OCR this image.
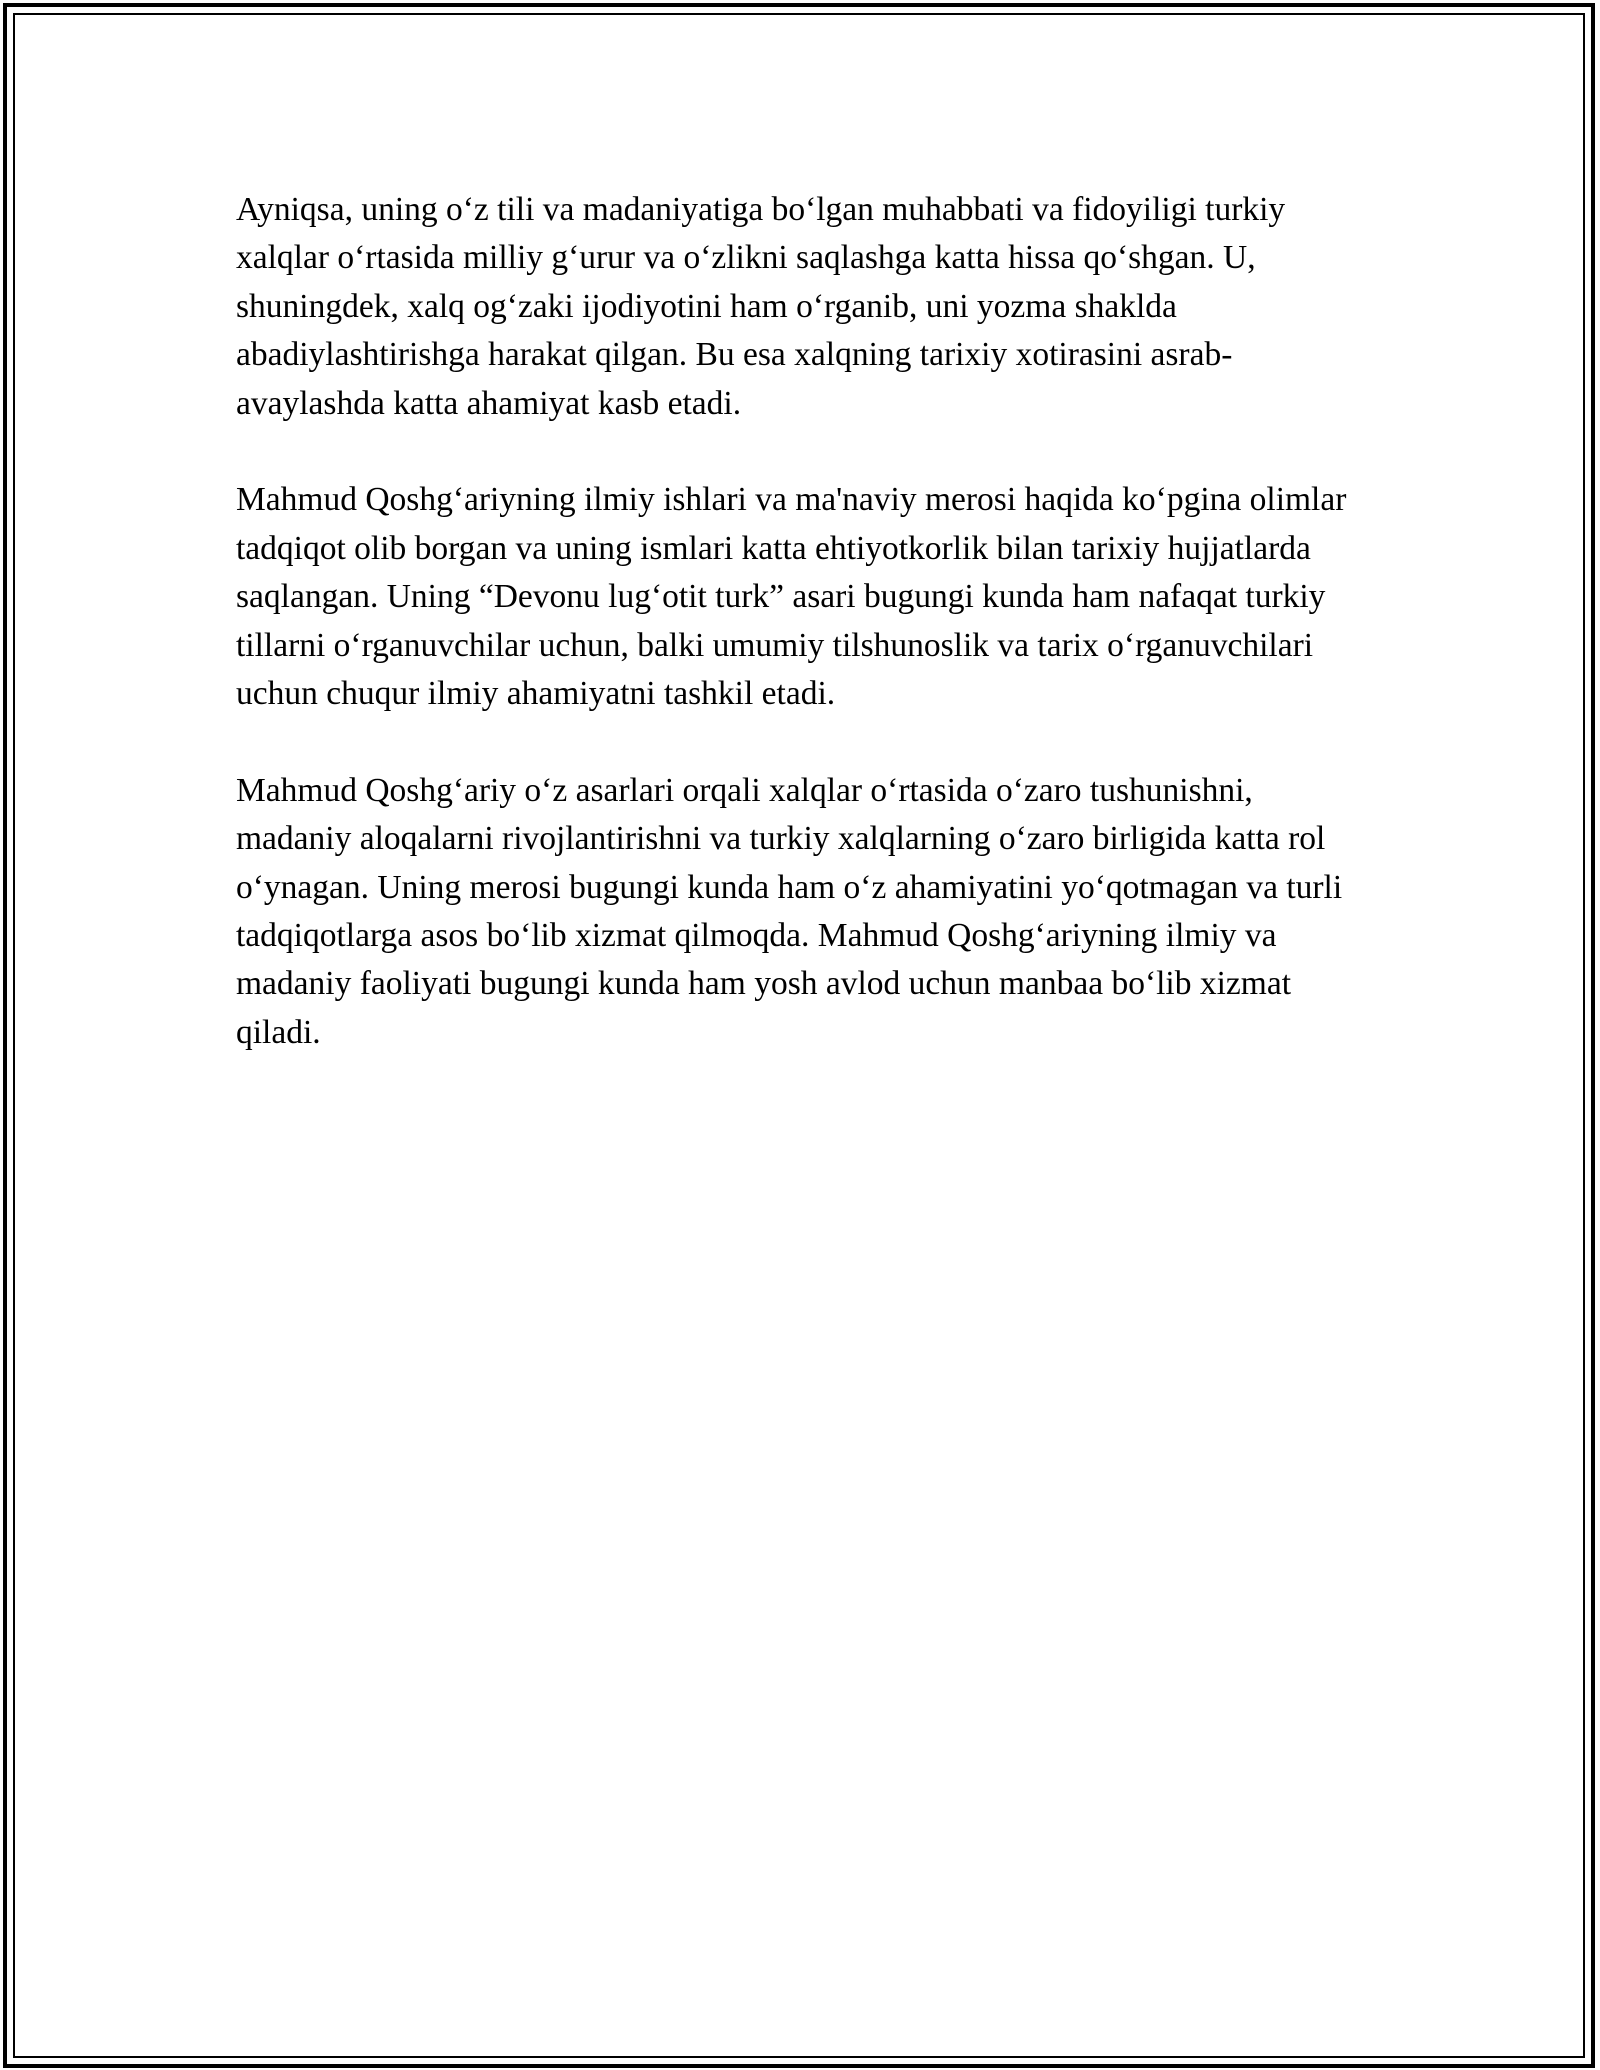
Ayniqsa, uning o‘z tili va madaniyatiga bo‘lgan muhabbati va fidoyiligi turkiy xalqlar o‘rtasida milliy g‘urur va o‘zlikni saqlashga katta hissa qo‘shgan. U, shuningdek, xalq og‘zaki ijodiyotini ham o‘rganib, uni yozma shaklda abadiylashtirishga harakat qilgan. Bu esa xalqning tarixiy xotirasini asrab-avaylashda katta ahamiyat kasb etadi.

Mahmud Qoshg‘ariyning ilmiy ishlari va ma'naviy merosi haqida ko‘pgina olimlar tadqiqot olib borgan va uning ismlari katta ehtiyotkorlik bilan tarixiy hujjatlarda saqlangan. Uning “Devonu lug‘otit turk” asari bugungi kunda ham nafaqat turkiy tillarni o‘rganuvchilar uchun, balki umumiy tilshunoslik va tarix o‘rganuvchilari uchun chuqur ilmiy ahamiyatni tashkil etadi.

Mahmud Qoshg‘ariy o‘z asarlari orqali xalqlar o‘rtasida o‘zaro tushunishni, madaniy aloqalarni rivojlantirishni va turkiy xalqlarning o‘zaro birligida katta rol o‘ynagan. Uning merosi bugungi kunda ham o‘z ahamiyatini yo‘qotmagan va turli tadqiqotlarga asos bo‘lib xizmat qilmoqda. Mahmud Qoshg‘ariyning ilmiy va madaniy faoliyati bugungi kunda ham yosh avlod uchun manbaa bo‘lib xizmat qiladi.
